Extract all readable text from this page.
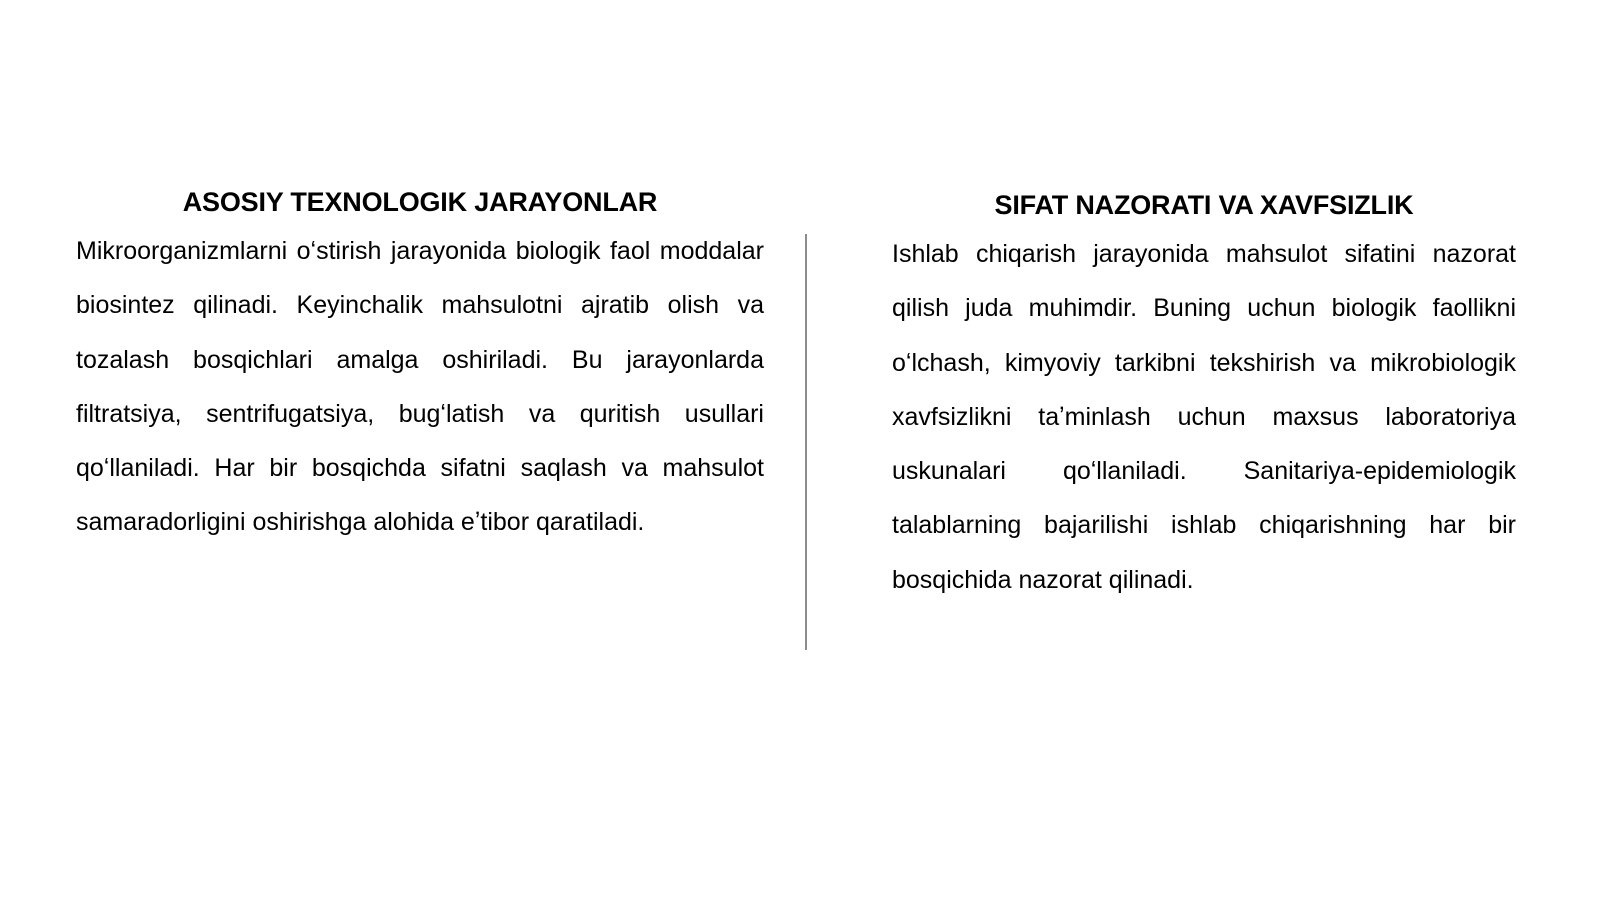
ASOSIY TEXNOLOGIK JARAYONLAR

Mikroorganizmlarni oʻstirish jarayonida biologik faol moddalar biosintez qilinadi. Keyinchalik mahsulotni ajratib olish va tozalash bosqichlari amalga oshiriladi. Bu jarayonlarda filtratsiya, sentrifugatsiya, bugʻlatish va quritish usullari qoʻllaniladi. Har bir bosqichda sifatni saqlash va mahsulot samaradorligini oshirishga alohida eʼtibor qaratiladi.

SIFAT NAZORATI VA XAVFSIZLIK

Ishlab chiqarish jarayonida mahsulot sifatini nazorat qilish juda muhimdir. Buning uchun biologik faollikni oʻlchash, kimyoviy tarkibni tekshirish va mikrobiologik xavfsizlikni taʼminlash uchun maxsus laboratoriya uskunalari qoʻllaniladi. Sanitariya-epidemiologik talablarning bajarilishi ishlab chiqarishning har bir bosqichida nazorat qilinadi.
